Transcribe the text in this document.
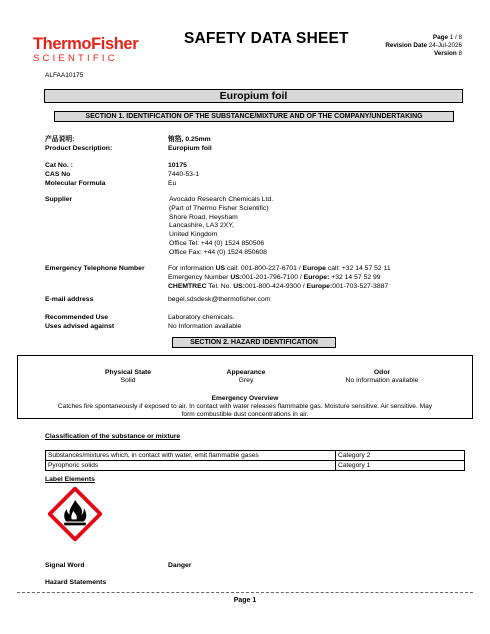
ThermoFisher
SCIENTIFIC
SAFETY DATA SHEET	Page 1 / 8
Revision Date 24-Jul-2026
Version 8
ALFAA10175
Europium foil
SECTION 1. IDENTIFICATION OF THE SUBSTANCE/MIXTURE AND OF THE COMPANY/UNDERTAKING
产品说明:	铕箔, 0.25mm
Product Description:	Europium foil
Cat No. :	10175
CAS No	7440-53-1
Molecular Formula	Eu
Supplier	Avocado Research Chemicals Ltd.
(Part of Thermo Fisher Scientific)
Shore Road, Heysham
Lancashire, LA3 2XY,
United Kingdom
Office Tel: +44 (0) 1524 850506
Office Fax: +44 (0) 1524 850608
Emergency Telephone Number	For information US call: 001-800-227-6701 / Europe call: +32 14 57 52 11
Emergency Number US:001-201-796-7100 / Europe: +32 14 57 52 99
CHEMTREC Tel. No. US:001-800-424-9300 / Europe:001-703-527-3887
E-mail address	begel.sdsdesk@thermofisher.com
Recommended Use	Laboratory chemicals.
Uses advised against	No Information available
SECTION 2. HAZARD IDENTIFICATION
Physical State
Solid
Appearance
Grey
Odor
No information available
Emergency Overview
Catches fire spontaneously if exposed to air. In contact with water releases flammable gas. Moisture sensitive. Air sensitive. May
form combustible dust concentrations in air.
Classification of the substance or mixture
Substances/mixtures which, in contact with water, emit flammable gases	Category 2
Pyrophoric solids	Category 1
Label Elements
Signal Word	Danger
Hazard Statements
Page 1
